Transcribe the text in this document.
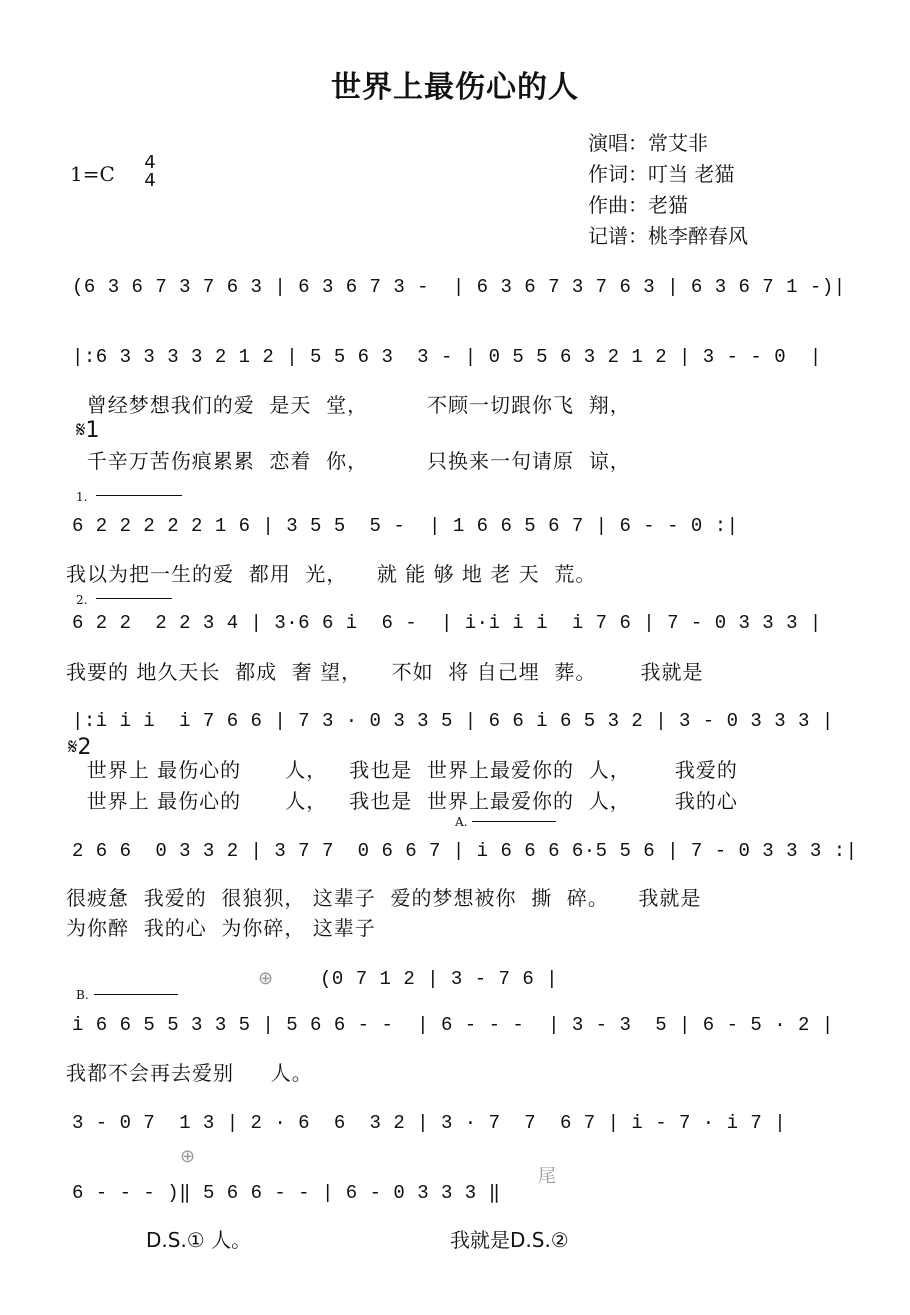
世界上最伤心的人
1=C 4
4
演唱：常艾非
作词：叮当 老猫
作曲：老猫
记谱：桃李醉春风
(6 3 6 7 3 7 6 3 | 6 3 6 7 3 -  | 6 3 6 7 3 7 6 3 | 6 3 6 7 1 -)|
|:6 3 3 3 3 2 1 2 | 5 5 6 3  3 - | 0 5 5 6 3 2 1 2 | 3 - - 0  |
曾经梦想我们的爱  是天  堂，        不顾一切跟你飞  翔，
𝄋1
千辛万苦伤痕累累  恋着  你，        只换来一句请原  谅，
1.
6 2 2 2 2 2 1 6 | 3 5 5  5 -  | 1 6 6 5 6 7 | 6 - - 0 :|
我以为把一生的爱  都用  光，    就 能 够 地 老 天  荒。
2.
6 2 2  2 2 3 4 | 3·6 6 i  6 -  | i·i i i  i 7 6 | 7 - 0 3 3 3 |
我要的 地久天长  都成  奢 望，    不如  将 自己埋  葬。      我就是
|:i i i  i 7 6 6 | 7 3 · 0 3 3 5 | 6 6 i 6 5 3 2 | 3 - 0 3 3 3 |
𝄋2
世界上 最伤心的      人，   我也是  世界上最爱你的  人，      我爱的
世界上 最伤心的      人，   我也是  世界上最爱你的  人，      我的心
A.
2 6 6  0 3 3 2 | 3 7 7  0 6 6 7 | i 6 6 6 6·5 5 6 | 7 - 0 3 3 3 :|
很疲惫  我爱的  很狼狈， 这辈子  爱的梦想被你  撕  碎。    我就是
为你醉  我的心  为你碎， 这辈子
⊕ (0 7 1 2 | 3 - 7 6 |
B.
i 6 6 5 5 3 3 5 | 5 6 6 - -  | 6 - - -  | 3 - 3  5 | 6 - 5 · 2 |
我都不会再去爱别     人。
3 - 0 7  1 3 | 2 · 6  6  3 2 | 3 · 7  7  6 7 | i - 7 · i 7 |
⊕
6 - - - )‖ 5 6 6 - - | 6 - 0 3 3 3 ‖
尾
D.S.① 人。	我就是D.S.②
